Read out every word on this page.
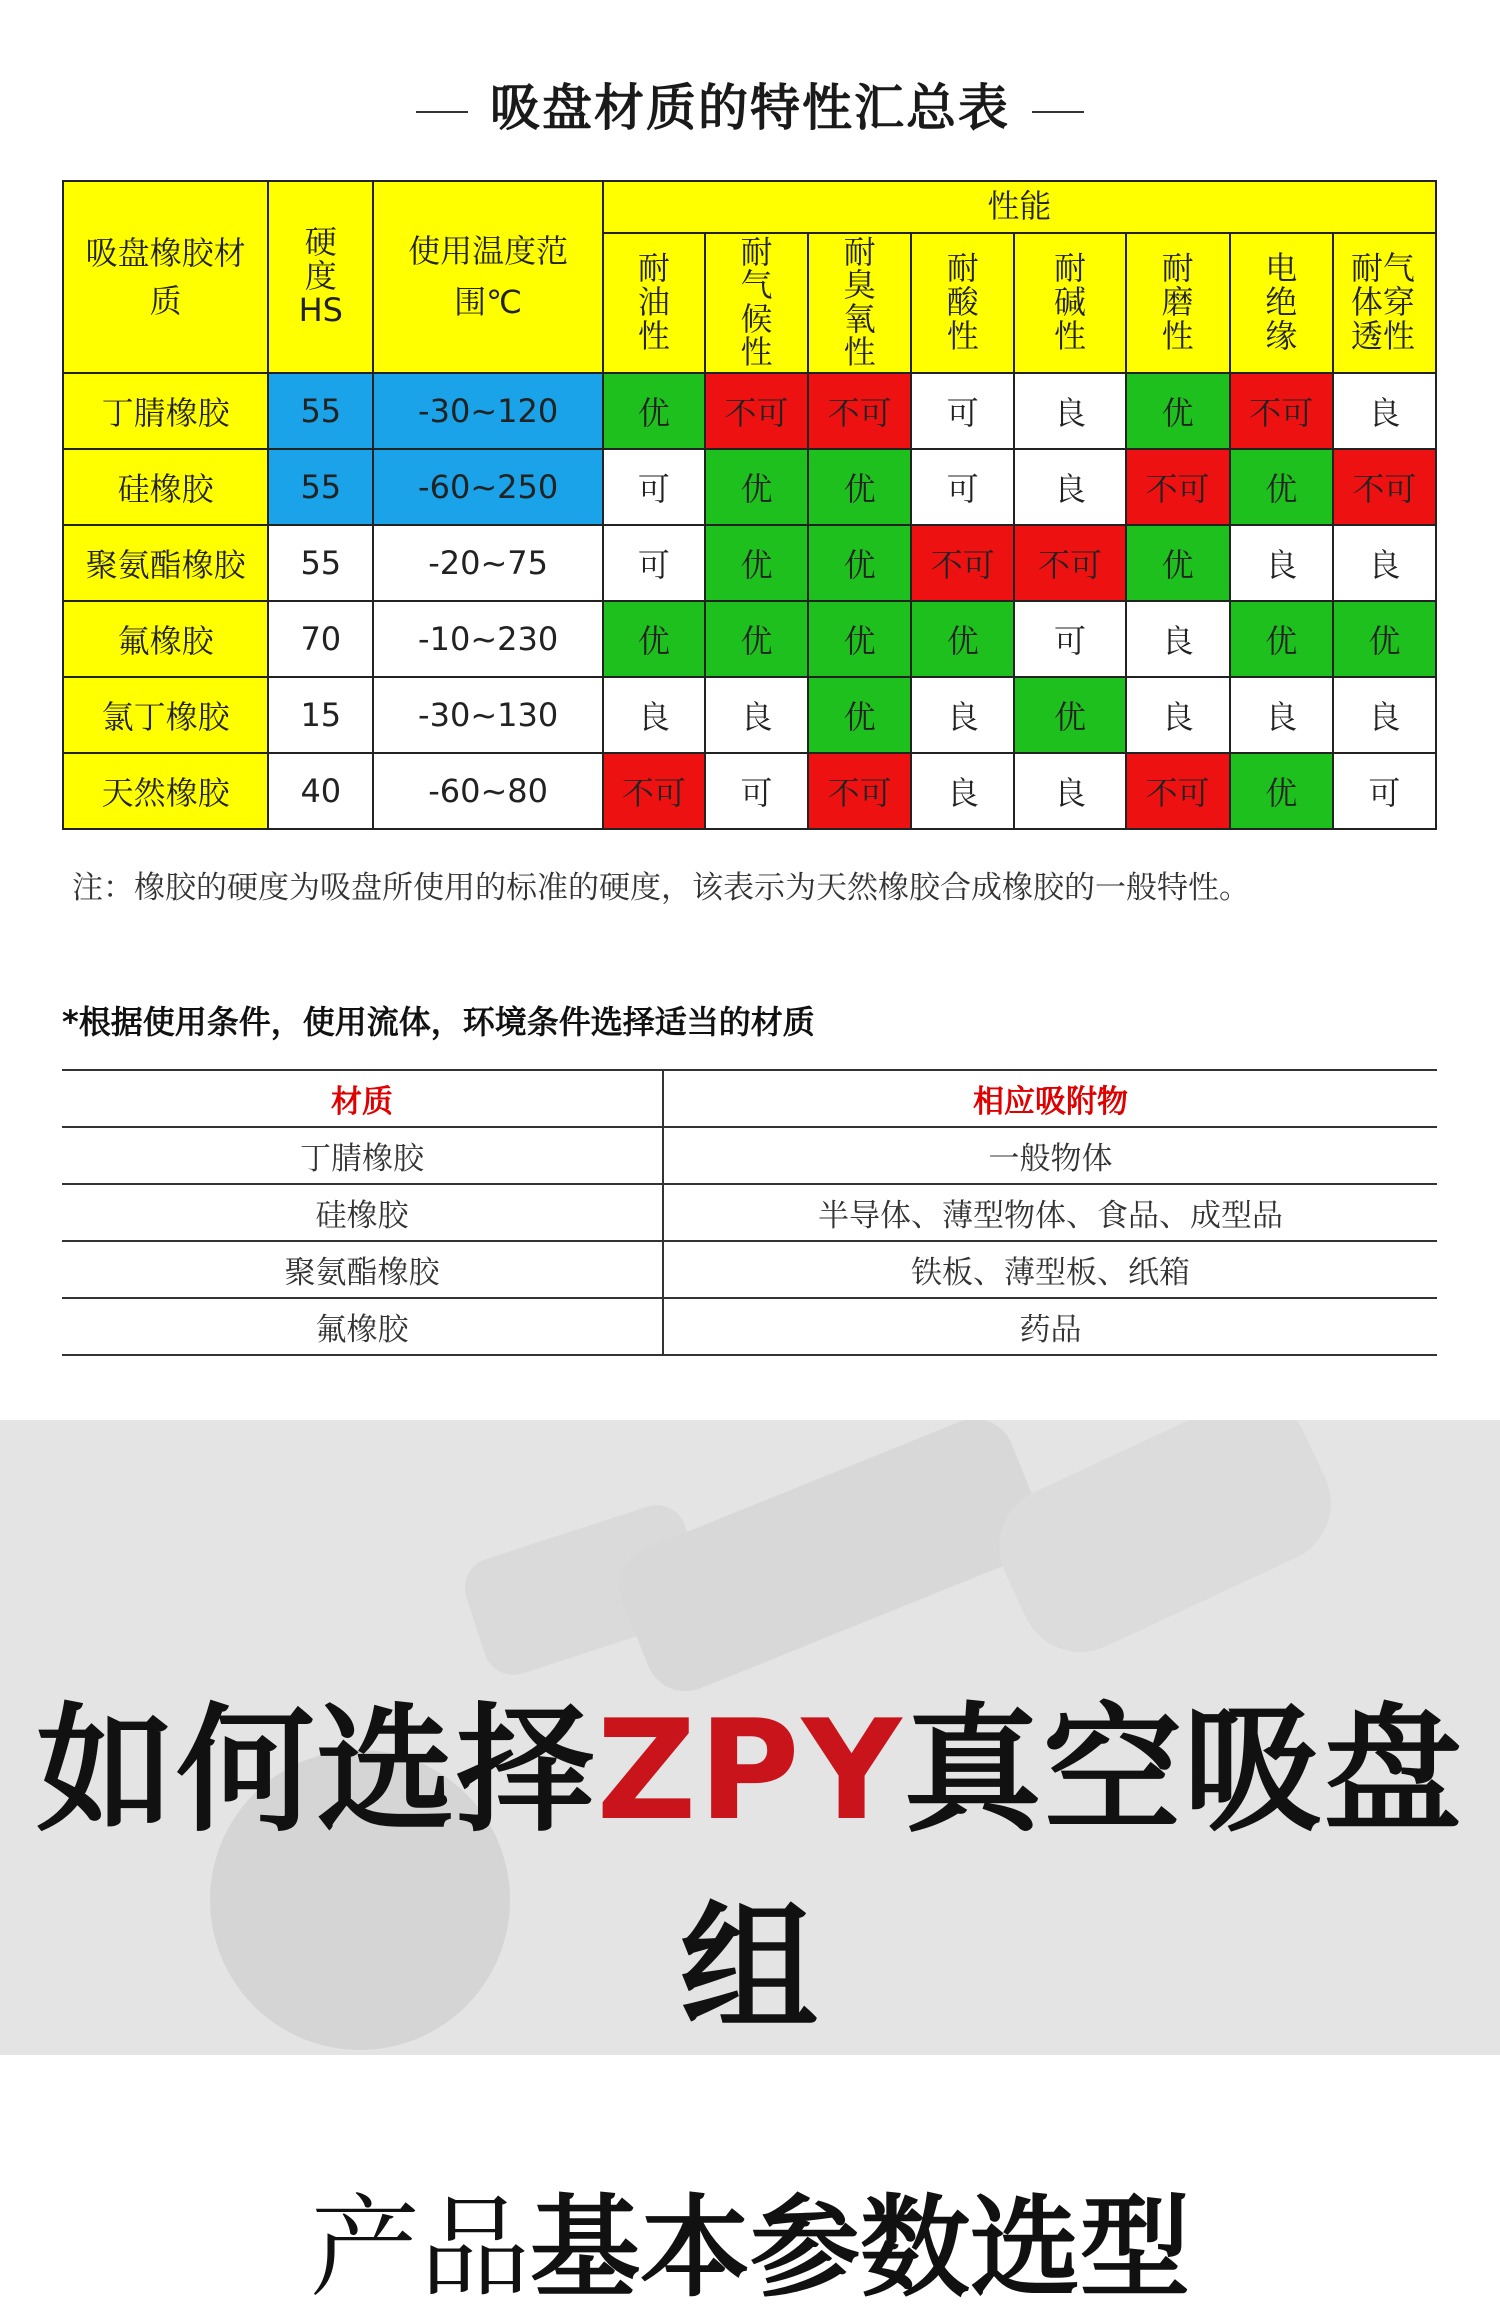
吸盘材质的特性汇总表
吸盘橡胶材质	硬度HS	使用温度范围℃	性能							
			耐油性	耐气候性	耐臭氧性	耐酸性	耐碱性	耐磨性	电绝缘	耐气体穿透性
丁腈橡胶	55	-30~120	优	不可	不可	可	良	优	不可	良
硅橡胶	55	-60~250	可	优	优	可	良	不可	优	不可
聚氨酯橡胶	55	-20~75	可	优	优	不可	不可	优	良	良
氟橡胶	70	-10~230	优	优	优	优	可	良	优	优
氯丁橡胶	15	-30~130	良	良	优	良	优	良	良	良
天然橡胶	40	-60~80	不可	可	不可	良	良	不可	优	可
注：橡胶的硬度为吸盘所使用的标准的硬度，该表示为天然橡胶合成橡胶的一般特性。
*根据使用条件，使用流体，环境条件选择适当的材质
材质	相应吸附物
丁腈橡胶	一般物体
硅橡胶	半导体、薄型物体、食品、成型品
聚氨酯橡胶	铁板、薄型板、纸箱
氟橡胶	药品
如何选择ZPY真空吸盘组
产品基本参数选型
